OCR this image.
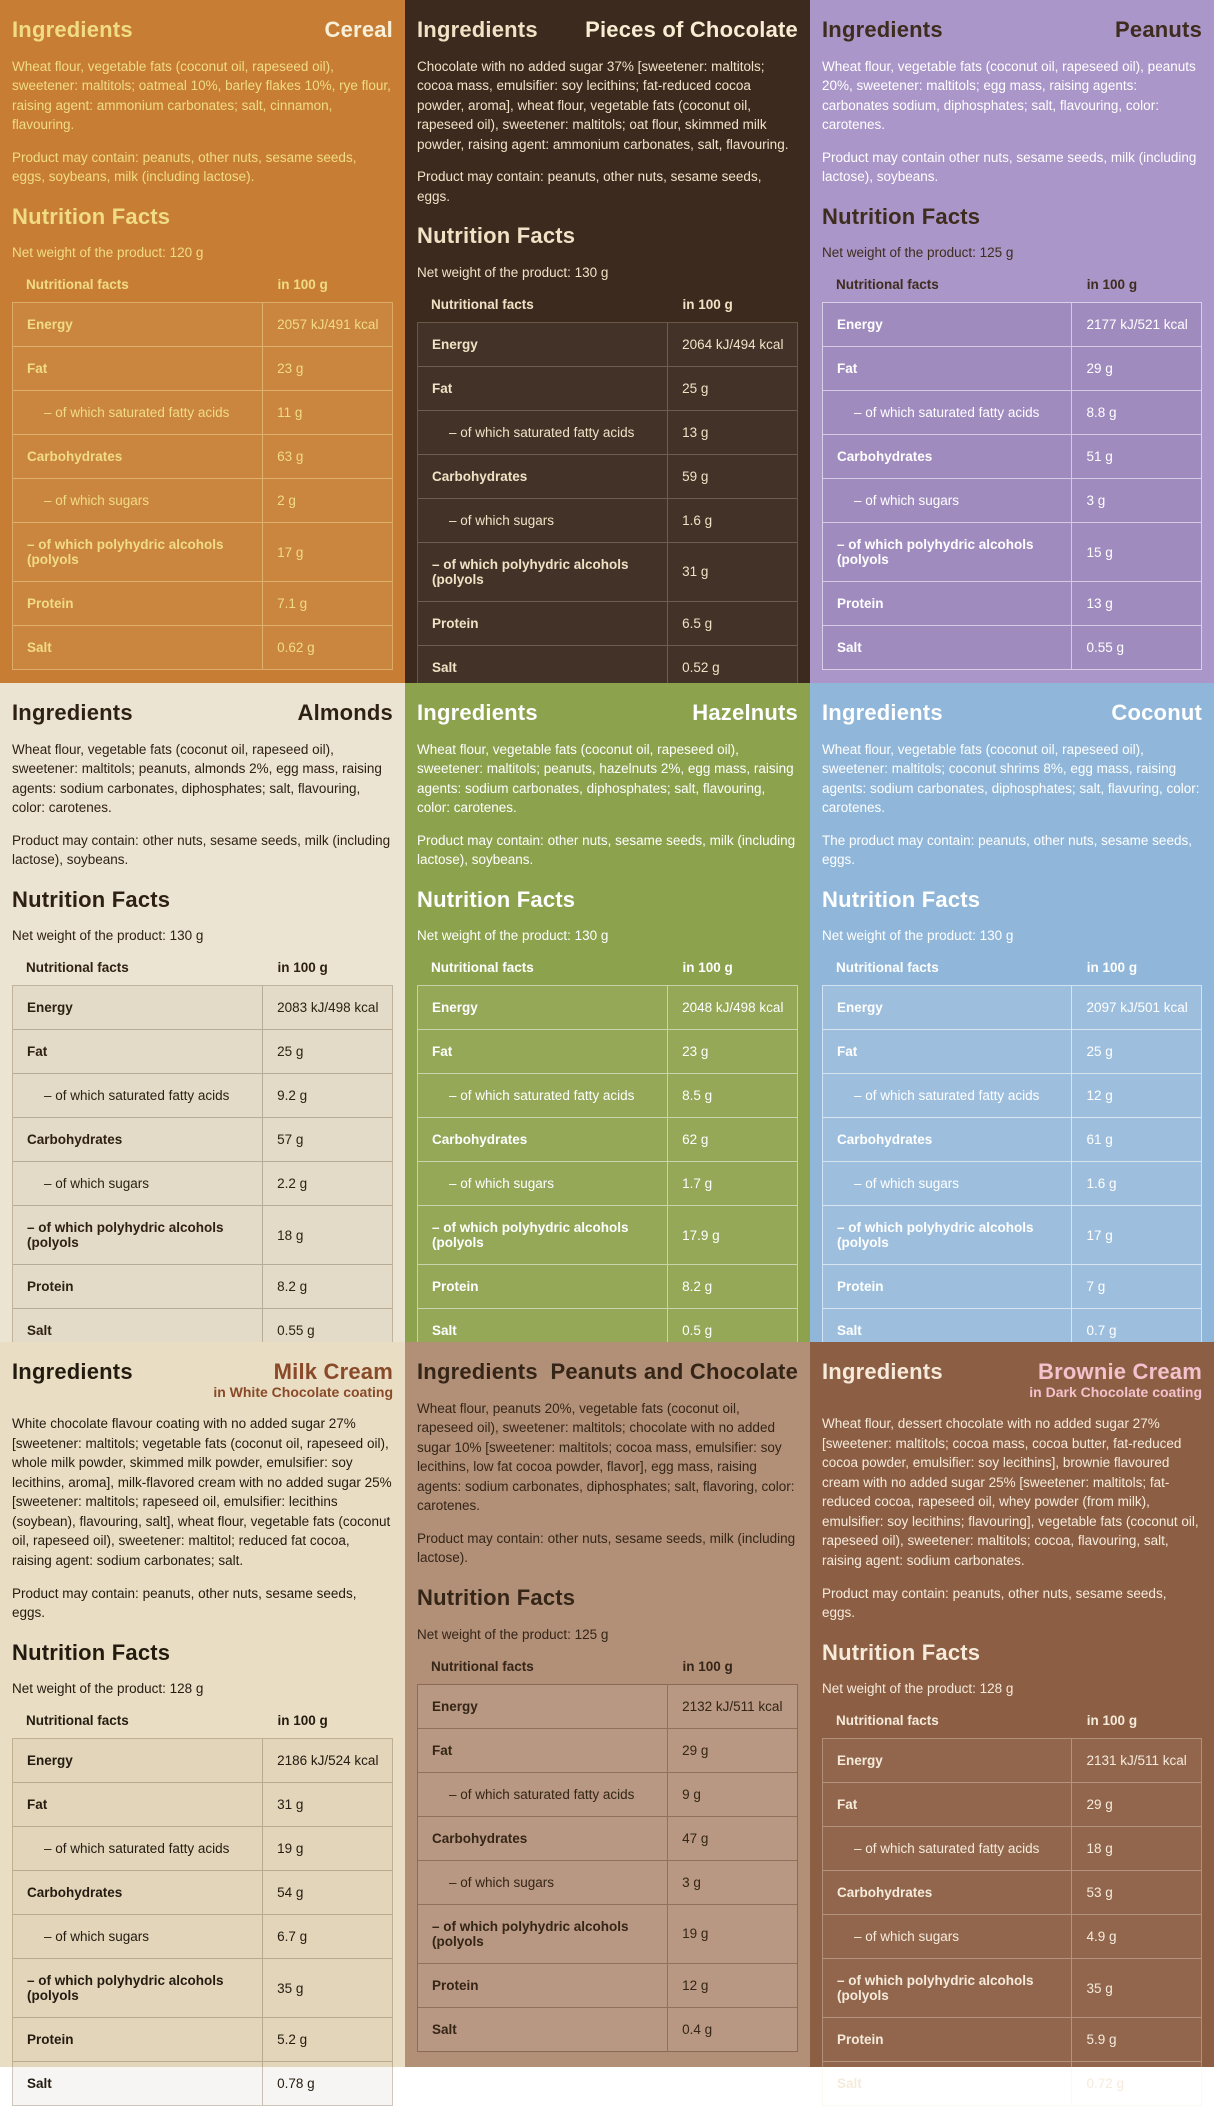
Ingredients	Cereal

Wheat flour, vegetable fats (coconut oil, rapeseed oil), sweetener: maltitols; oatmeal 10%, barley flakes 10%, rye flour, raising agent: ammonium carbonates; salt, cinnamon, flavouring.

Product may contain: peanuts, other nuts, sesame seeds, eggs, soybeans, milk (including lactose).

Nutrition Facts

Net weight of the product: 120 g

Nutritional facts	in 100 g
Energy	2057 kJ/491 kcal
Fat	23 g
– of which saturated fatty acids	11 g
Carbohydrates	63 g
– of which sugars	2 g
– of which polyhydric alcohols (polyols	17 g
Protein	7.1 g
Salt	0.62 g
Ingredients Pieces of Chocolate

Chocolate with no added sugar 37% [sweetener: maltitols; cocoa mass, emulsifier: soy lecithins; fat-reduced cocoa powder, aroma], wheat flour, vegetable fats (coconut oil, rapeseed oil), sweetener: maltitols; oat flour, skimmed milk powder, raising agent: ammonium carbonates, salt, flavouring.

Product may contain: peanuts, other nuts, sesame seeds, eggs.

Nutrition Facts

Net weight of the product: 130 g

Nutritional facts	in 100 g
Energy	2064 kJ/494 kcal
Fat	25 g
– of which saturated fatty acids	13 g
Carbohydrates	59 g
– of which sugars	1.6 g
– of which polyhydric alcohols (polyols	31 g
Protein	6.5 g
Salt	0.52 g
Ingredients	Peanuts

Wheat flour, vegetable fats (coconut oil, rapeseed oil), peanuts 20%, sweetener: maltitols; egg mass, raising agents: carbonates sodium, diphosphates; salt, flavouring, color: carotenes.

Product may contain other nuts, sesame seeds, milk (including lactose), soybeans.

Nutrition Facts

Net weight of the product: 125 g

Nutritional facts	in 100 g
Energy	2177 kJ/521 kcal
Fat	29 g
– of which saturated fatty acids	8.8 g
Carbohydrates	51 g
– of which sugars	3 g
– of which polyhydric alcohols (polyols	15 g
Protein	13 g
Salt	0.55 g
Ingredients	Almonds

Wheat flour, vegetable fats (coconut oil, rapeseed oil), sweetener: maltitols; peanuts, almonds 2%, egg mass, raising agents: sodium carbonates, diphosphates; salt, flavouring, color: carotenes.

Product may contain: other nuts, sesame seeds, milk (including lactose), soybeans.

Nutrition Facts

Net weight of the product: 130 g

Nutritional facts	in 100 g
Energy	2083 kJ/498 kcal
Fat	25 g
– of which saturated fatty acids	9.2 g
Carbohydrates	57 g
– of which sugars	2.2 g
– of which polyhydric alcohols (polyols	18 g
Protein	8.2 g
Salt	0.55 g
Ingredients	Hazelnuts

Wheat flour, vegetable fats (coconut oil, rapeseed oil), sweetener: maltitols; peanuts, hazelnuts 2%, egg mass, raising agents: sodium carbonates, diphosphates; salt, flavouring, color: carotenes.

Product may contain: other nuts, sesame seeds, milk (including lactose), soybeans.

Nutrition Facts

Net weight of the product: 130 g

Nutritional facts	in 100 g
Energy	2048 kJ/498 kcal
Fat	23 g
– of which saturated fatty acids	8.5 g
Carbohydrates	62 g
– of which sugars	1.7 g
– of which polyhydric alcohols (polyols	17.9 g
Protein	8.2 g
Salt	0.5 g
Ingredients	Coconut

Wheat flour, vegetable fats (coconut oil, rapeseed oil), sweetener: maltitols; coconut shrims 8%, egg mass, raising agents: sodium carbonates, diphosphates; salt, flavuring, color: carotenes.

The product may contain: peanuts, other nuts, sesame seeds, eggs.

Nutrition Facts

Net weight of the product: 130 g

Nutritional facts	in 100 g
Energy	2097 kJ/501 kcal
Fat	25 g
– of which saturated fatty acids	12 g
Carbohydrates	61 g
– of which sugars	1.6 g
– of which polyhydric alcohols (polyols	17 g
Protein	7 g
Salt	0.7 g
Ingredients	Milk Cream
in White Chocolate coating

White chocolate flavour coating with no added sugar 27% [sweetener: maltitols; vegetable fats (coconut oil, rapeseed oil), whole milk powder, skimmed milk powder, emulsifier: soy lecithins, aroma], milk-flavored cream with no added sugar 25% [sweetener: maltitols; rapeseed oil, emulsifier: lecithins (soybean), flavouring, salt], wheat flour, vegetable fats (coconut oil, rapeseed oil), sweetener: maltitol; reduced fat cocoa, raising agent: sodium carbonates; salt.

Product may contain: peanuts, other nuts, sesame seeds, eggs.

Nutrition Facts

Net weight of the product: 128 g

Nutritional facts	in 100 g
Energy	2186 kJ/524 kcal
Fat	31 g
– of which saturated fatty acids	19 g
Carbohydrates	54 g
– of which sugars	6.7 g
– of which polyhydric alcohols (polyols	35 g
Protein	5.2 g
Salt	0.78 g
Ingredients Peanuts and Chocolate

Wheat flour, peanuts 20%, vegetable fats (coconut oil, rapeseed oil), sweetener: maltitols; chocolate with no added sugar 10% [sweetener: maltitols; cocoa mass, emulsifier: soy lecithins, low fat cocoa powder, flavor], egg mass, raising agents: sodium carbonates, diphosphates; salt, flavoring, color: carotenes.

Product may contain: other nuts, sesame seeds, milk (including lactose).

Nutrition Facts

Net weight of the product: 125 g

Nutritional facts	in 100 g
Energy	2132 kJ/511 kcal
Fat	29 g
– of which saturated fatty acids	9 g
Carbohydrates	47 g
– of which sugars	3 g
– of which polyhydric alcohols (polyols	19 g
Protein	12 g
Salt	0.4 g
Ingredients	Brownie Cream
in Dark Chocolate coating

Wheat flour, dessert chocolate with no added sugar 27% [sweetener: maltitols; cocoa mass, cocoa butter, fat-reduced cocoa powder, emulsifier: soy lecithins], brownie flavoured cream with no added sugar 25% [sweetener: maltitols; fat-reduced cocoa, rapeseed oil, whey powder (from milk), emulsifier: soy lecithins; flavouring], vegetable fats (coconut oil, rapeseed oil), sweetener: maltitols; cocoa, flavouring, salt, raising agent: sodium carbonates.

Product may contain: peanuts, other nuts, sesame seeds, eggs.

Nutrition Facts

Net weight of the product: 128 g

Nutritional facts	in 100 g
Energy	2131 kJ/511 kcal
Fat	29 g
– of which saturated fatty acids	18 g
Carbohydrates	53 g
– of which sugars	4.9 g
– of which polyhydric alcohols (polyols	35 g
Protein	5.9 g
Salt	0.72 g
